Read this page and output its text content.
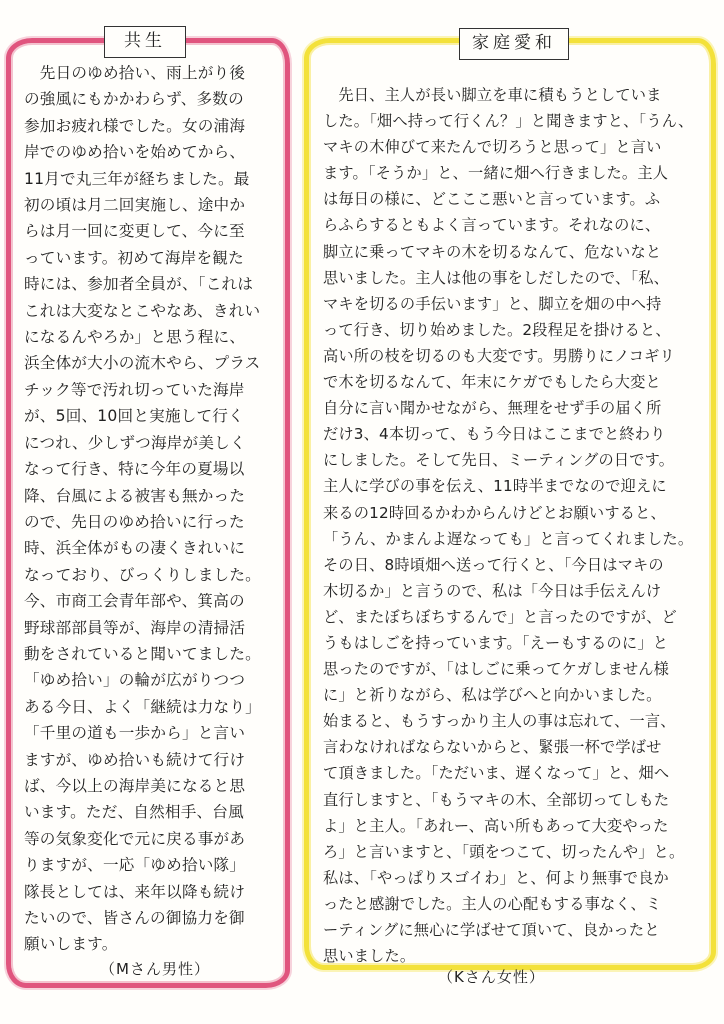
共生	家庭愛和
　先日のゆめ拾い、雨上がり後
の強風にもかかわらず、多数の
参加お疲れ様でした。女の浦海
岸でのゆめ拾いを始めてから、
11月で丸三年が経ちました。最
初の頃は月二回実施し、途中か
らは月一回に変更して、今に至
っています。初めて海岸を観た
時には、参加者全員が、「これは
これは大変なとこやなあ、きれい
になるんやろか」と思う程に、
浜全体が大小の流木やら、プラス
チック等で汚れ切っていた海岸
が、5回、10回と実施して行く
につれ、少しずつ海岸が美しく
なって行き、特に今年の夏場以
降、台風による被害も無かった
ので、先日のゆめ拾いに行った
時、浜全体がもの凄くきれいに
なっており、びっくりしました。
今、市商工会青年部や、箕高の
野球部部員等が、海岸の清掃活
動をされていると聞いてました。
「ゆめ拾い」の輪が広がりつつ
ある今日、よく「継続は力なり」
「千里の道も一歩から」と言い
ますが、ゆめ拾いも続けて行け
ば、今以上の海岸美になると思
います。ただ、自然相手、台風
等の気象変化で元に戻る事があ
りますが、一応「ゆめ拾い隊」
隊長としては、来年以降も続け
たいので、皆さんの御協力を御
願いします。
　先日、主人が長い脚立を車に積もうとしていま
した。「畑へ持って行くん？」と聞きますと、「うん、
マキの木伸びて来たんで切ろうと思って」と言い
ます。「そうか」と、一緒に畑へ行きました。主人
は毎日の様に、どこここ悪いと言っています。ふ
らふらするともよく言っています。それなのに、
脚立に乗ってマキの木を切るなんて、危ないなと
思いました。主人は他の事をしだしたので、「私、
マキを切るの手伝います」と、脚立を畑の中へ持
って行き、切り始めました。2段程足を掛けると、
高い所の枝を切るのも大変です。男勝りにノコギリ
で木を切るなんて、年末にケガでもしたら大変と
自分に言い聞かせながら、無理をせず手の届く所
だけ3、4本切って、もう今日はここまでと終わり
にしました。そして先日、ミーティングの日です。
主人に学びの事を伝え、11時半までなので迎えに
来るの12時回るかわからんけどとお願いすると、
「うん、かまんよ遅なっても」と言ってくれました。
その日、8時頃畑へ送って行くと、「今日はマキの
木切るか」と言うので、私は「今日は手伝えんけ
ど、またぼちぼちするんで」と言ったのですが、ど
うもはしごを持っています。「えーもするのに」と
思ったのですが、「はしごに乗ってケガしません様
に」と祈りながら、私は学びへと向かいました。
始まると、もうすっかり主人の事は忘れて、一言、
言わなければならないからと、緊張一杯で学ばせ
て頂きました。「ただいま、遅くなって」と、畑へ
直行しますと、「もうマキの木、全部切ってしもた
よ」と主人。「あれー、高い所もあって大変やった
ろ」と言いますと、「頭をつこて、切ったんや」と。
私は、「やっぱりスゴイわ」と、何より無事で良か
ったと感謝でした。主人の心配もする事なく、ミ
ーティングに無心に学ばせて頂いて、良かったと
思いました。
（Mさん男性）	（Kさん女性）
